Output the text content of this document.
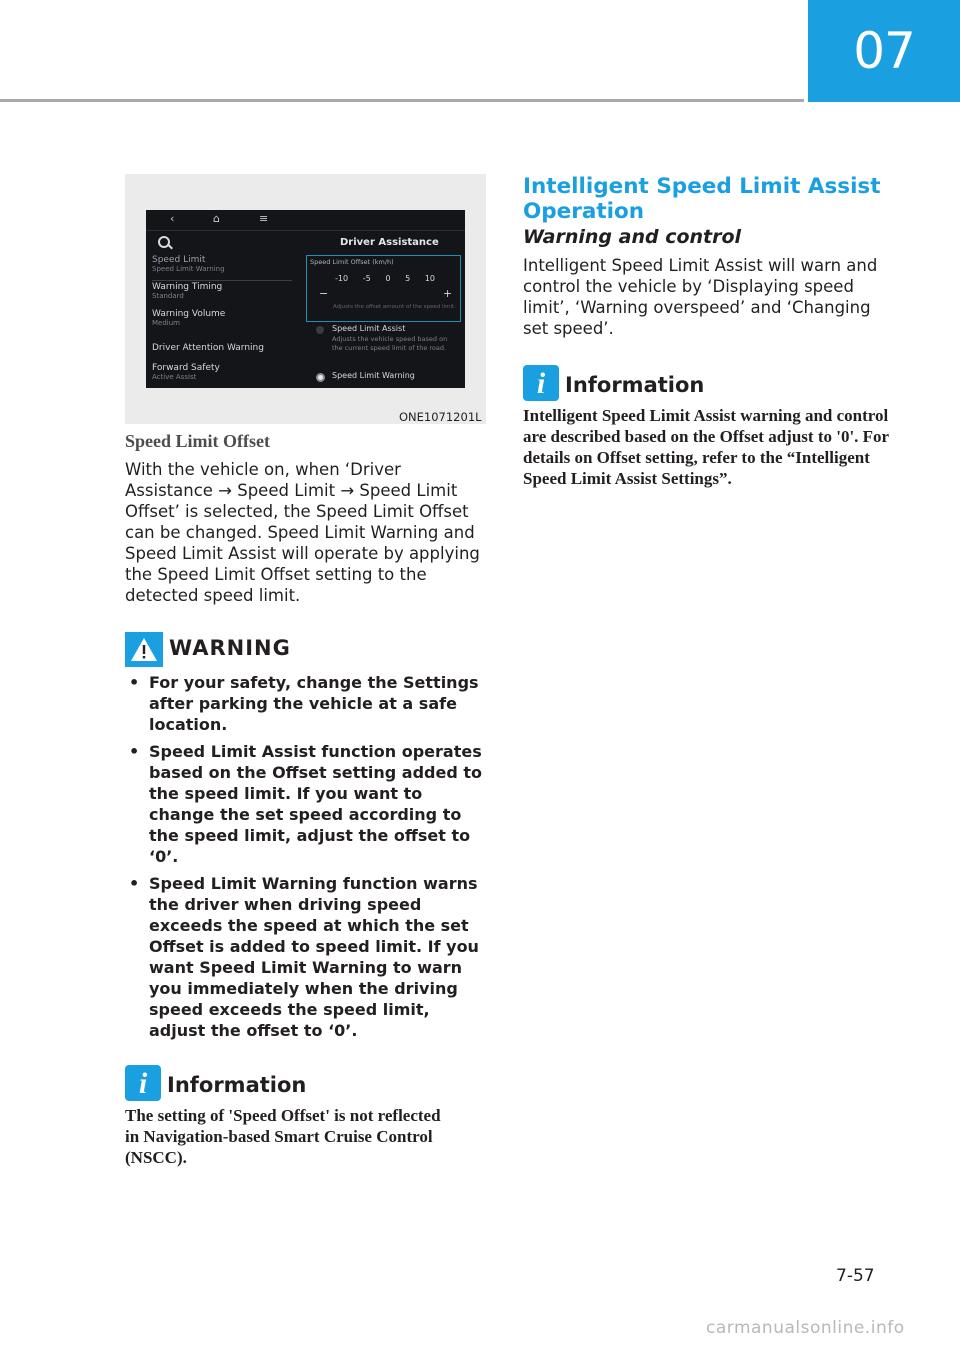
07
‹	⌂	≡
Driver Assistance
Speed Limit
Speed Limit Warning
Warning Timing
Standard
Warning Volume
Medium
Driver Attention Warning
Forward Safety
Active Assist
Speed Limit Offset (km/h)
-10 -5 0 5 10
−	+
Adjusts the offset amount of the speed limit.
Speed Limit Assist
Adjusts the vehicle speed based on the current speed limit of the road.
Speed Limit Warning
ONE1071201L
Speed Limit Offset
With the vehicle on, when ‘Driver Assistance → Speed Limit → Speed Limit Offset’ is selected, the Speed Limit Offset can be changed. Speed Limit Warning and Speed Limit Assist will operate by applying the Speed Limit Offset setting to the detected speed limit.
WARNING
• For your safety, change the Settings after parking the vehicle at a safe location.
• Speed Limit Assist function operates based on the Offset setting added to the speed limit. If you want to change the set speed according to the speed limit, adjust the offset to ‘0’.
• Speed Limit Warning function warns the driver when driving speed exceeds the speed at which the set Offset is added to speed limit. If you want Speed Limit Warning to warn you immediately when the driving speed exceeds the speed limit, adjust the offset to ‘0’.
i Information
The setting of 'Speed Offset' is not reflected in Navigation-based Smart Cruise Control (NSCC).
Intelligent Speed Limit Assist Operation
Warning and control
Intelligent Speed Limit Assist will warn and control the vehicle by ‘Displaying speed limit’, ‘Warning overspeed’ and ‘Changing set speed’.
i Information
Intelligent Speed Limit Assist warning and control are described based on the Offset adjust to '0'. For details on Offset setting, refer to the “Intelligent Speed Limit Assist Settings”.
7-57
carmanualsonline.info
